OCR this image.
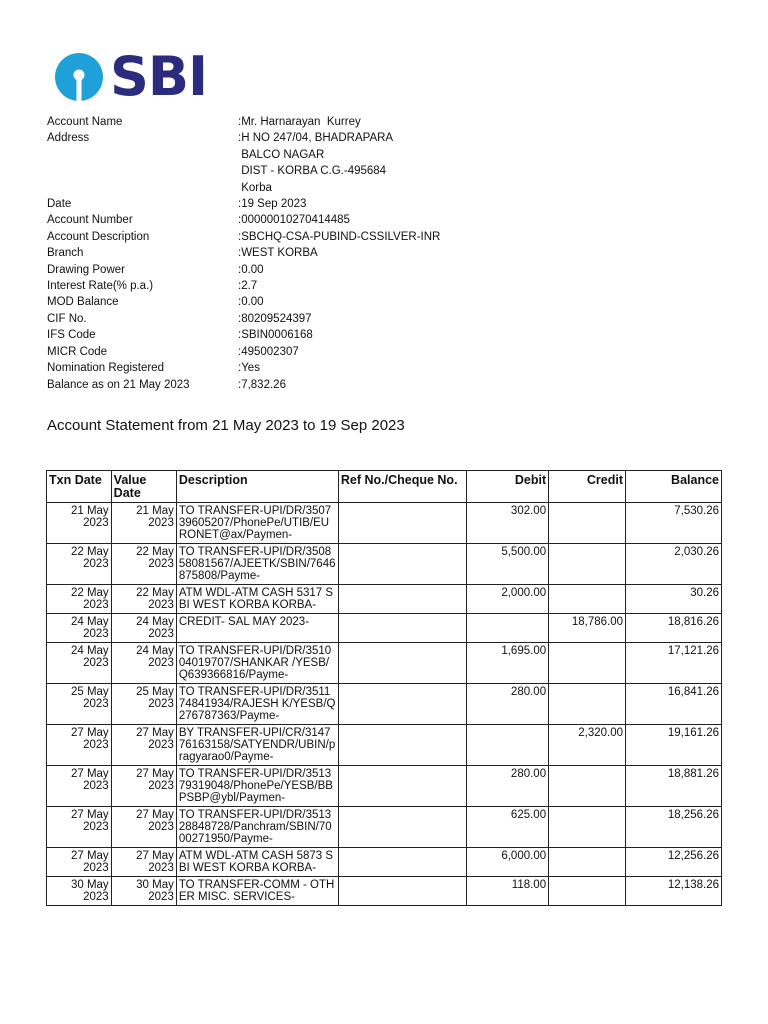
SBI
Account Name	:Mr. Harnarayan  Kurrey
Address	:H NO 247/04, BHADRAPARA
BALCO NAGAR
DIST - KORBA C.G.-495684
Korba
Date	:19 Sep 2023
Account Number	:00000010270414485
Account Description	:SBCHQ-CSA-PUBIND-CSSILVER-INR
Branch	:WEST KORBA
Drawing Power	:0.00
Interest Rate(% p.a.)	:2.7
MOD Balance	:0.00
CIF No.	:80209524397
IFS Code	:SBIN0006168
MICR Code	:495002307
Nomination Registered	:Yes
Balance as on 21 May 2023	:7,832.26
Account Statement from 21 May 2023 to 19 Sep 2023
Txn Date	Value Date	Description	Ref No./Cheque No.	Debit	Credit	Balance
21 May 2023	21 May 2023	TO TRANSFER-UPI/DR/350739605207/PhonePe/UTIB/EURONET@ax/Paymen-		302.00		7,530.26
22 May 2023	22 May 2023	TO TRANSFER-UPI/DR/350858081567/AJEETK/SBIN/7646875808/Payme-		5,500.00		2,030.26
22 May 2023	22 May 2023	ATM WDL-ATM CASH 5317 SBI WEST KORBA KORBA-		2,000.00		30.26
24 May 2023	24 May 2023	CREDIT- SAL MAY 2023-			18,786.00	18,816.26
24 May 2023	24 May 2023	TO TRANSFER-UPI/DR/351004019707/SHANKAR /YESB/Q639366816/Payme-		1,695.00		17,121.26
25 May 2023	25 May 2023	TO TRANSFER-UPI/DR/351174841934/RAJESH K/YESB/Q276787363/Payme-		280.00		16,841.26
27 May 2023	27 May 2023	BY TRANSFER-UPI/CR/314776163158/SATYENDR/UBIN/pragyarao0/Payme-			2,320.00	19,161.26
27 May 2023	27 May 2023	TO TRANSFER-UPI/DR/351379319048/PhonePe/YESB/BBPSBP@ybl/Paymen-		280.00		18,881.26
27 May 2023	27 May 2023	TO TRANSFER-UPI/DR/351328848728/Panchram/SBIN/7000271950/Payme-		625.00		18,256.26
27 May 2023	27 May 2023	ATM WDL-ATM CASH 5873 SBI WEST KORBA KORBA-		6,000.00		12,256.26
30 May 2023	30 May 2023	TO TRANSFER-COMM - OTHER MISC. SERVICES-		118.00		12,138.26
